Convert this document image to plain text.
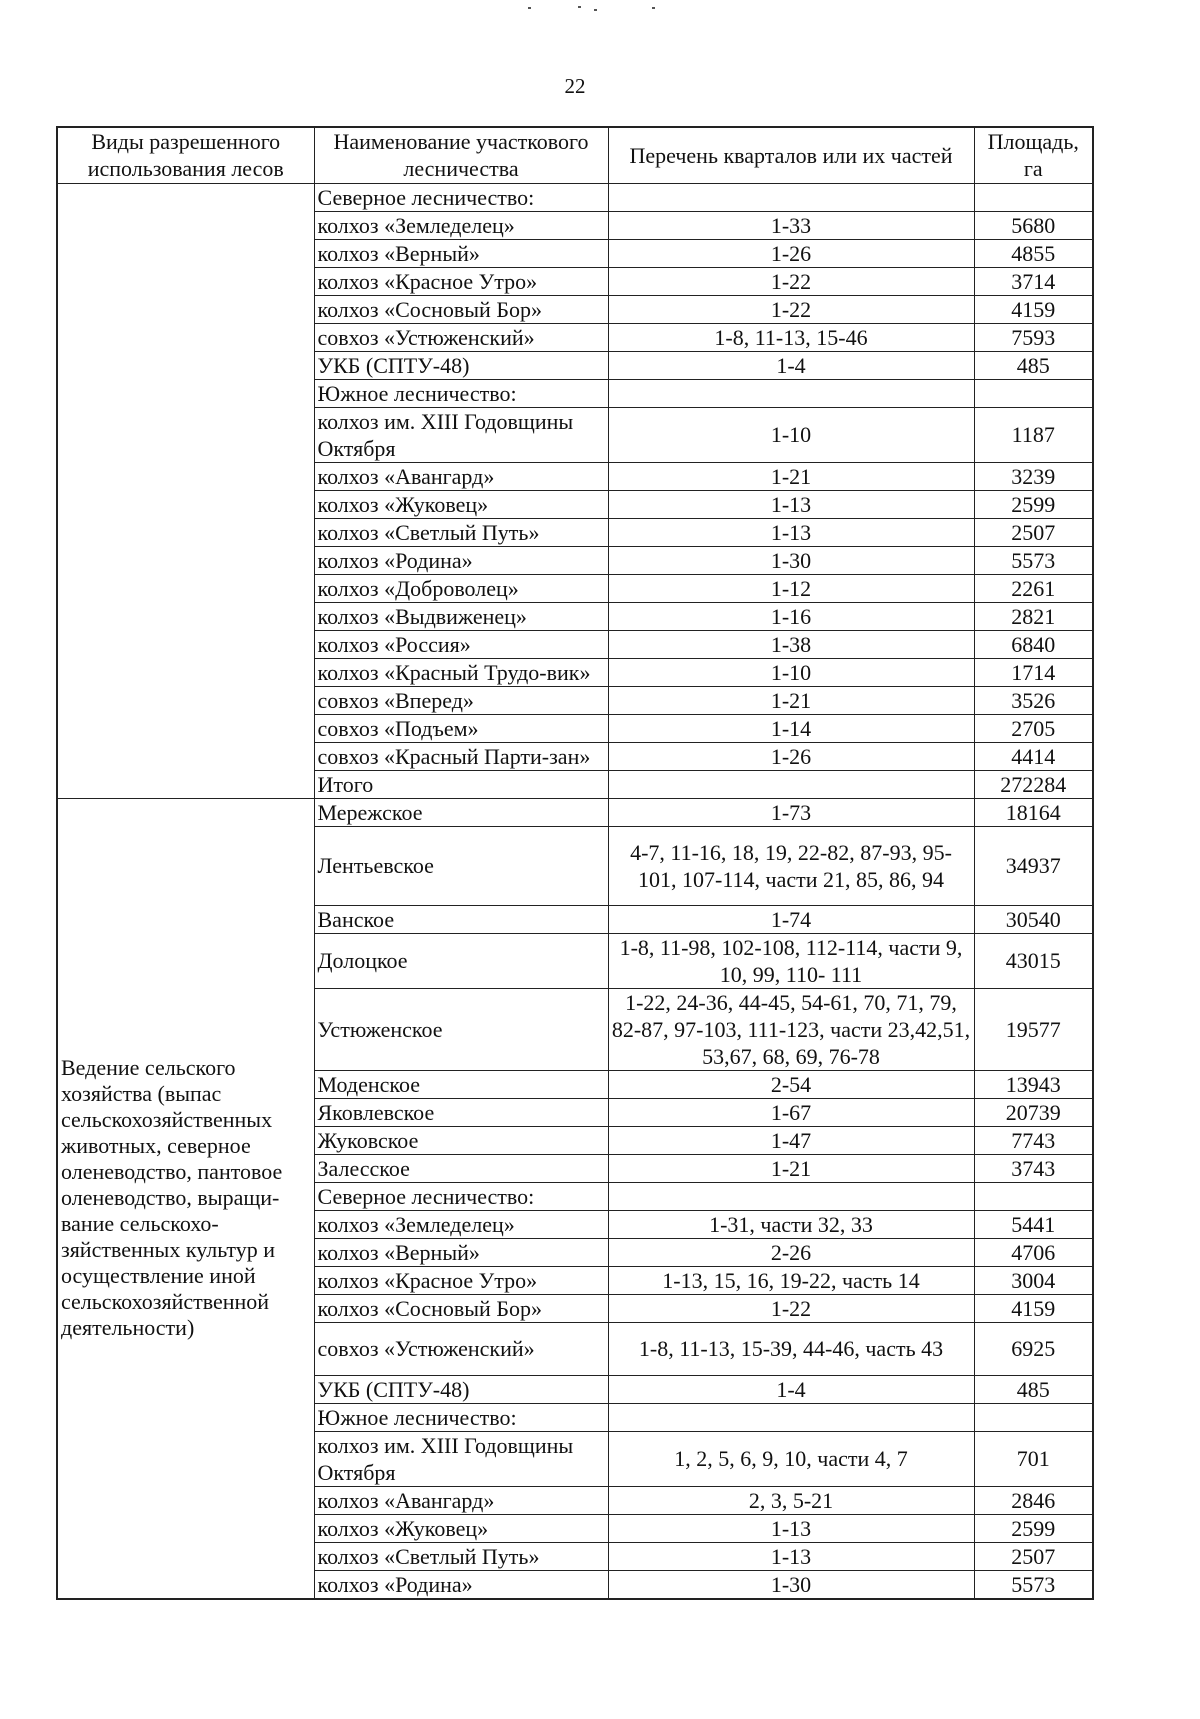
22
Виды разрешенного использования лесов	Наименование участкового лесничества	Перечень кварталов или их частей	Площадь, га
	Северное лесничество:		
	колхоз «Земледелец»	1-33	5680
	колхоз «Верный»	1-26	4855
	колхоз «Красное Утро»	1-22	3714
	колхоз «Сосновый Бор»	1-22	4159
	совхоз «Устюженский»	1-8, 11-13, 15-46	7593
	УКБ (СПТУ-48)	1-4	485
	Южное лесничество:		
	колхоз им. XIII Годовщины Октября	1-10	1187
	колхоз «Авангард»	1-21	3239
	колхоз «Жуковец»	1-13	2599
	колхоз «Светлый Путь»	1-13	2507
	колхоз «Родина»	1-30	5573
	колхоз «Доброволец»	1-12	2261
	колхоз «Выдвиженец»	1-16	2821
	колхоз «Россия»	1-38	6840
	колхоз «Красный Трудо-вик»	1-10	1714
	совхоз «Вперед»	1-21	3526
	совхоз «Подъем»	1-14	2705
	совхоз «Красный Парти-зан»	1-26	4414
	Итого		272284
Ведение сельского хозяйства (выпас сельскохозяйственных животных, северное оленеводство, пантовое оленеводство, выращи-вание сельскохо-зяйственных культур и осуществление иной сельскохозяйственной деятельности)	Мережское	1-73	18164
	Лентьевское	4-7, 11-16, 18, 19, 22-82, 87-93, 95-101, 107-114, части 21, 85, 86, 94	34937
	Ванское	1-74	30540
	Долоцкое	1-8, 11-98, 102-108, 112-114, части 9, 10, 99, 110- 111	43015
	Устюженское	1-22, 24-36, 44-45, 54-61, 70, 71, 79, 82-87, 97-103, 111-123, части 23,42,51, 53,67, 68, 69, 76-78	19577
	Моденское	2-54	13943
	Яковлевское	1-67	20739
	Жуковское	1-47	7743
	Залесское	1-21	3743
	Северное лесничество:		
	колхоз «Земледелец»	1-31, части 32, 33	5441
	колхоз «Верный»	2-26	4706
	колхоз «Красное Утро»	1-13, 15, 16, 19-22, часть 14	3004
	колхоз «Сосновый Бор»	1-22	4159
	совхоз «Устюженский»	1-8, 11-13, 15-39, 44-46, часть 43	6925
	УКБ (СПТУ-48)	1-4	485
	Южное лесничество:		
	колхоз им. XIII Годовщины Октября	1, 2, 5, 6, 9, 10, части 4, 7	701
	колхоз «Авангард»	2, 3, 5-21	2846
	колхоз «Жуковец»	1-13	2599
	колхоз «Светлый Путь»	1-13	2507
	колхоз «Родина»	1-30	5573
